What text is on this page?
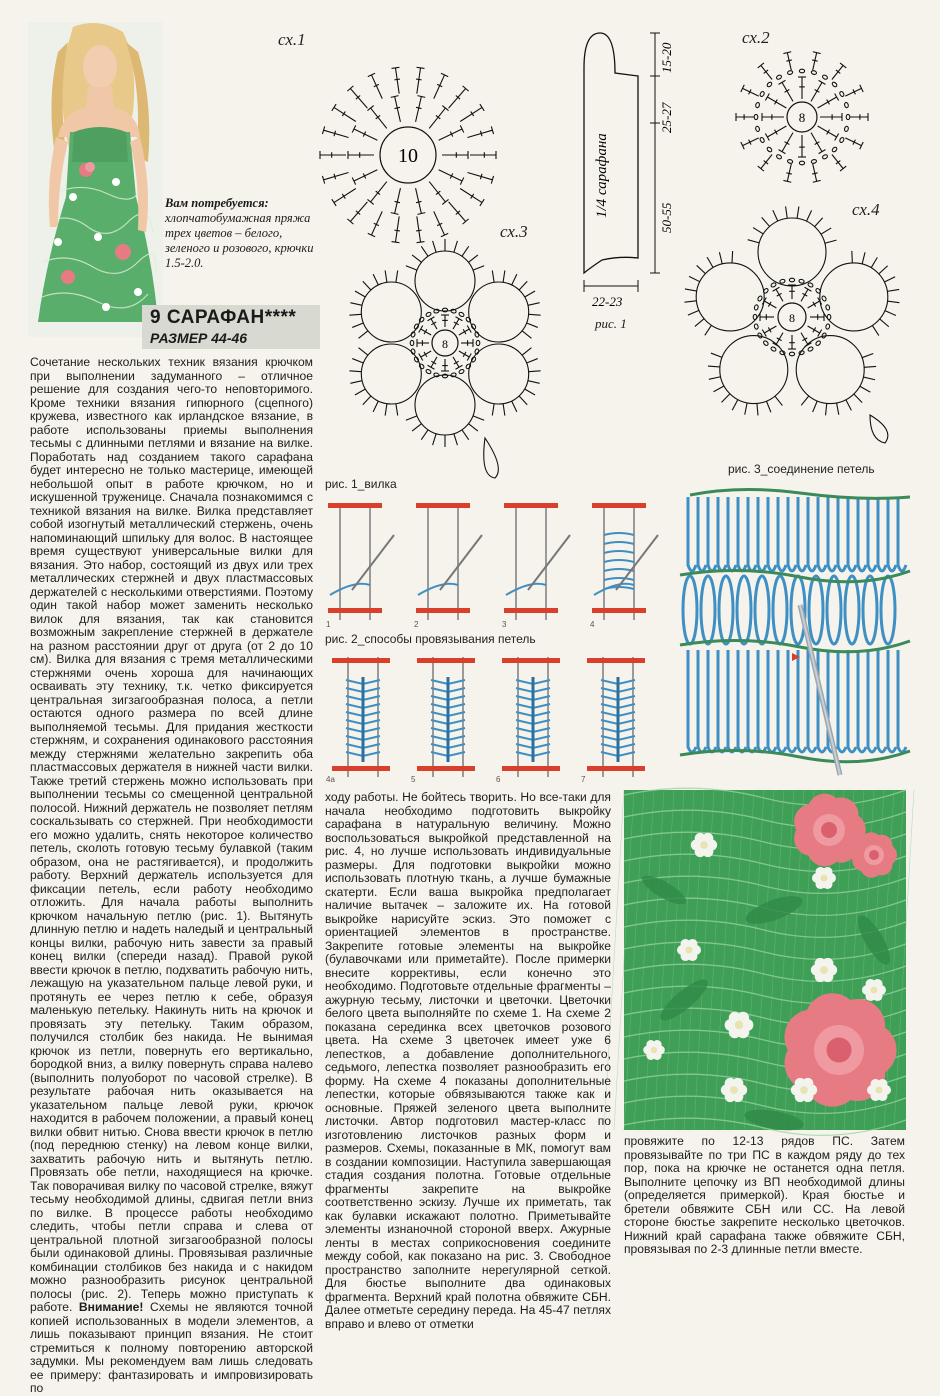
Вам потребуется:
хлопчатобумажная пряжа трех цветов – белого, зеленого и розового, крючки 1.5-2.0.
9 САРАФАН****
РАЗМЕР 44-46
сх.1
10	1/4 сарафана
15-20
25-27
50-55
22-23
рис. 1
сх.2
8
сх.3
8
сх.4
8
рис. 3_соединение петель
рис. 1_вилка
1	2	3	4
рис. 2_способы провязывания петель
4a	5	6	7
Сочетание нескольких техник вязания крючком при выполнении задуманного – отличное решение для создания чего-то неповторимого. Кроме техники вязания гипюрного (сцепного) кружева, известного как ирландское вязание, в работе использованы приемы выполнения тесьмы с длинными петлями и вязание на вилке. Поработать над созданием такого сарафана будет интересно не только мастерице, имеющей небольшой опыт в работе крючком, но и искушенной труженице. Сначала познакомимся с техникой вязания на вилке. Вилка представляет собой изогнутый металлический стержень, очень напоминающий шпильку для волос. В настоящее время существуют универсальные вилки для вязания. Это набор, состоящий из двух или трех металлических стержней и двух пластмассовых держателей с несколькими отверстиями. Поэтому один такой набор может заменить несколько вилок для вязания, так как становится возможным закрепление стержней в держателе на разном расстоянии друг от друга (от 2 до 10 см). Вилка для вязания с тремя металлическими стержнями очень хороша для начинающих осваивать эту технику, т.к. четко фиксируется центральная зигзагообразная полоса, а петли остаются одного размера по всей длине выполняемой тесьмы. Для придания жесткости стержням, и сохранения одинакового расстояния между стержнями желательно закрепить оба пластмассовых держателя в нижней части вилки. Также третий стержень можно использовать при выполнении тесьмы со смещенной центральной полосой. Нижний держатель не позволяет петлям соскальзывать со стержней. При необходимости его можно удалить, снять некоторое количество петель, сколоть готовую тесьму булавкой (таким образом, она не растягивается), и продолжить работу. Верхний держатель используется для фиксации петель, если работу необходимо отложить. Для начала работы выполнить крючком начальную петлю (рис. 1). Вытянуть длинную петлю и надеть наледый и центральный концы вилки, рабочую нить завести за правый конец вилки (спереди назад). Правой рукой ввести крючок в петлю, подхватить рабочую нить, лежащую на указательном пальце левой руки, и протянуть ее через петлю к себе, образуя маленькую петельку. Накинуть нить на крючок и провязать эту петельку. Таким образом, получился столбик без накида. Не вынимая крючок из петли, повернуть его вертикально, бородкой вниз, а вилку повернуть справа налево (выполнить полуоборот по часовой стрелке). В результате рабочая нить оказывается на указательном пальце левой руки, крючок находится в рабочем положении, а правый конец вилки обвит нитью. Снова ввести крючок в петлю (под переднюю стенку) на левом конце вилки, захватить рабочую нить и вытянуть петлю. Провязать обе петли, находящиеся на крючке. Так поворачивая вилку по часовой стрелке, вяжут тесьму необходимой длины, сдвигая петли вниз по вилке. В процессе работы необходимо следить, чтобы петли справа и слева от центральной плотной зигзагообразной полосы были одинаковой длины. Провязывая различные комбинации столбиков без накида и с накидом можно разнообразить рисунок центральной полосы (рис. 2). Теперь можно приступать к работе. Внимание! Схемы не являются точной копией использованных в модели элементов, а лишь показывают принцип вязания. Не стоит стремиться к полному повторению авторской задумки. Мы рекомендуем вам лишь следовать ее примеру: фантазировать и импровизировать по
ходу работы. Не бойтесь творить. Но все-таки для начала необходимо подготовить выкройку сарафана в натуральную величину. Можно воспользоваться выкройкой представленной на рис. 4, но лучше использовать индивидуальные размеры. Для подготовки выкройки можно использовать плотную ткань, а лучше бумажные скатерти. Если ваша выкройка предполагает наличие вытачек – заложите их. На готовой выкройке нарисуйте эскиз. Это поможет с ориентацией элементов в пространстве. Закрепите готовые элементы на выкройке (булавочками или приметайте). После примерки внесите коррективы, если конечно это необходимо. Подготовьте отдельные фрагменты – ажурную тесьму, листочки и цветочки. Цветочки белого цвета выполняйте по схеме 1. На схеме 2 показана серединка всех цветочков розового цвета. На схеме 3 цветочек имеет уже 6 лепестков, а добавление дополнительного, седьмого, лепестка позволяет разнообразить его форму. На схеме 4 показаны дополнительные лепестки, которые обвязываются также как и основные. Пряжей зеленого цвета выполните листочки. Автор подготовил мастер-класс по изготовлению листочков разных форм и размеров. Схемы, показанные в МК, помогут вам в создании композиции. Наступила завершающая стадия создания полотна. Готовые отдельные фрагменты закрепите на выкройке соответственно эскизу. Лучше их приметать, так как булавки искажают полотно. Приметывайте элементы изнаночной стороной вверх. Ажурные ленты в местах соприкосновения соедините между собой, как показано на рис. 3. Свободное пространство заполните нерегулярной сеткой. Для бюстье выполните два одинаковых фрагмента. Верхний край полотна обвяжите СБН. Далее отметьте середину переда. На 45-47 петлях вправо и влево от отметки
провяжите по 12-13 рядов ПС. Затем провязывайте по три ПС в каждом ряду до тех пор, пока на крючке не останется одна петля. Выполните цепочку из ВП необходимой длины (определяется примеркой). Края бюстье и бретели обвяжите СБН или СС. На левой стороне бюстье закрепите несколько цветочков. Нижний край сарафана также обвяжите СБН, провязывая по 2-3 длинные петли вместе.
